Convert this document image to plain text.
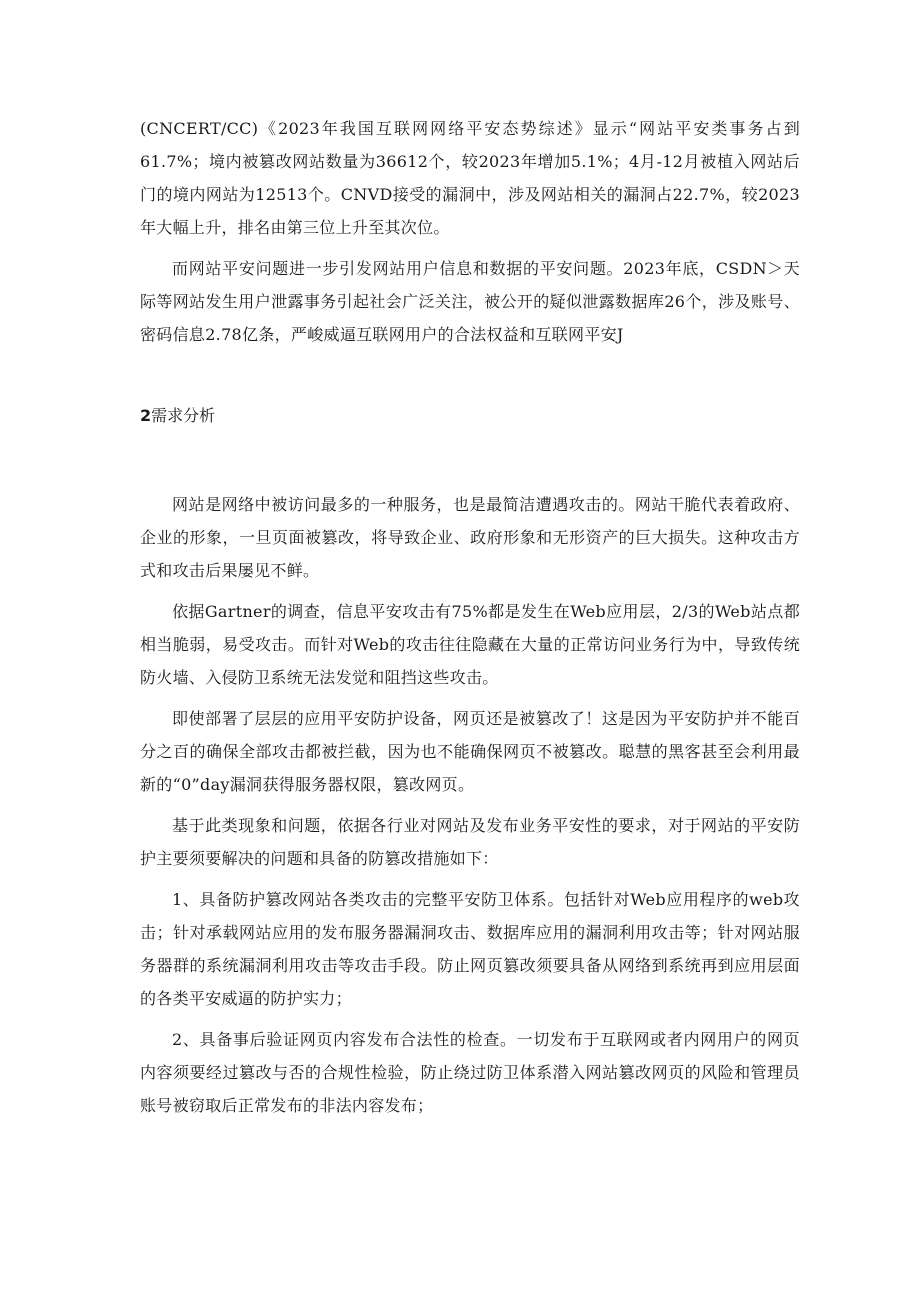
(CNCERT/CC)《2023年我国互联网网络平安态势综述》显示“网站平安类事务占到61.7%；境内被篡改网站数量为36612个，较2023年增加5.1%；4月-12月被植入网站后门的境内网站为12513个。CNVD接受的漏洞中，涉及网站相关的漏洞占22.7%，较2023年大幅上升，排名由第三位上升至其次位。

而网站平安问题进一步引发网站用户信息和数据的平安问题。2023年底，CSDN＞天际等网站发生用户泄露事务引起社会广泛关注，被公开的疑似泄露数据库26个，涉及账号、密码信息2.78亿条，严峻威逼互联网用户的合法权益和互联网平安J

2需求分析

网站是网络中被访问最多的一种服务，也是最简洁遭遇攻击的。网站干脆代表着政府、企业的形象，一旦页面被篡改，将导致企业、政府形象和无形资产的巨大损失。这种攻击方式和攻击后果屡见不鲜。

依据Gartner的调查，信息平安攻击有75%都是发生在Web应用层，2/3的Web站点都相当脆弱，易受攻击。而针对Web的攻击往往隐藏在大量的正常访问业务行为中，导致传统防火墙、入侵防卫系统无法发觉和阻挡这些攻击。

即使部署了层层的应用平安防护设备，网页还是被篡改了！这是因为平安防护并不能百分之百的确保全部攻击都被拦截，因为也不能确保网页不被篡改。聪慧的黑客甚至会利用最新的“0”day漏洞获得服务器权限，篡改网页。

基于此类现象和问题，依据各行业对网站及发布业务平安性的要求，对于网站的平安防护主要须要解决的问题和具备的防篡改措施如下：

1、具备防护篡改网站各类攻击的完整平安防卫体系。包括针对Web应用程序的web攻击；针对承载网站应用的发布服务器漏洞攻击、数据库应用的漏洞利用攻击等；针对网站服务器群的系统漏洞利用攻击等攻击手段。防止网页篡改须要具备从网络到系统再到应用层面的各类平安威逼的防护实力；

2、具备事后验证网页内容发布合法性的检查。一切发布于互联网或者内网用户的网页内容须要经过篡改与否的合规性检验，防止绕过防卫体系潜入网站篡改网页的风险和管理员账号被窃取后正常发布的非法内容发布；
